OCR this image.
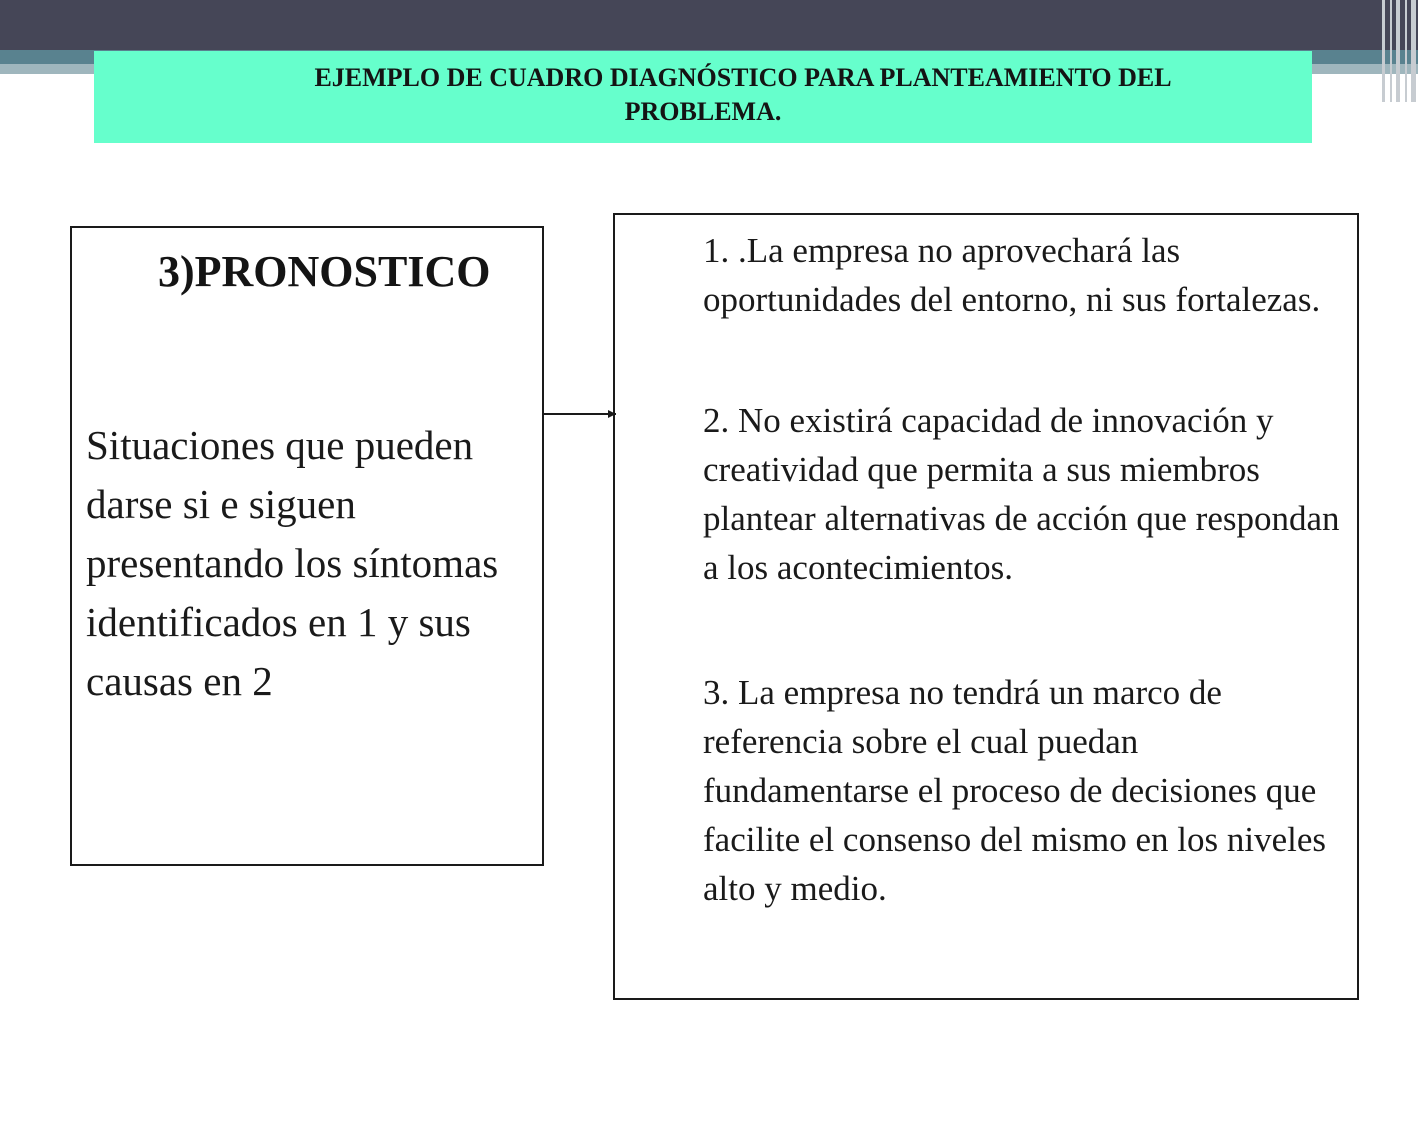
EJEMPLO DE CUADRO DIAGNÓSTICO PARA PLANTEAMIENTO DEL
PROBLEMA.
3)PRONOSTICO
Situaciones que pueden darse si e siguen presentando los síntomas identificados en 1 y sus causas en 2
1. .La empresa no aprovechará las oportunidades del entorno, ni sus fortalezas.
2. No existirá capacidad de innovación y creatividad que permita a sus miembros plantear alternativas de acción que respondan a los acontecimientos.
3. La empresa no tendrá un marco de referencia sobre el cual puedan fundamentarse el proceso de decisiones que facilite el consenso del mismo en los niveles alto y medio.
